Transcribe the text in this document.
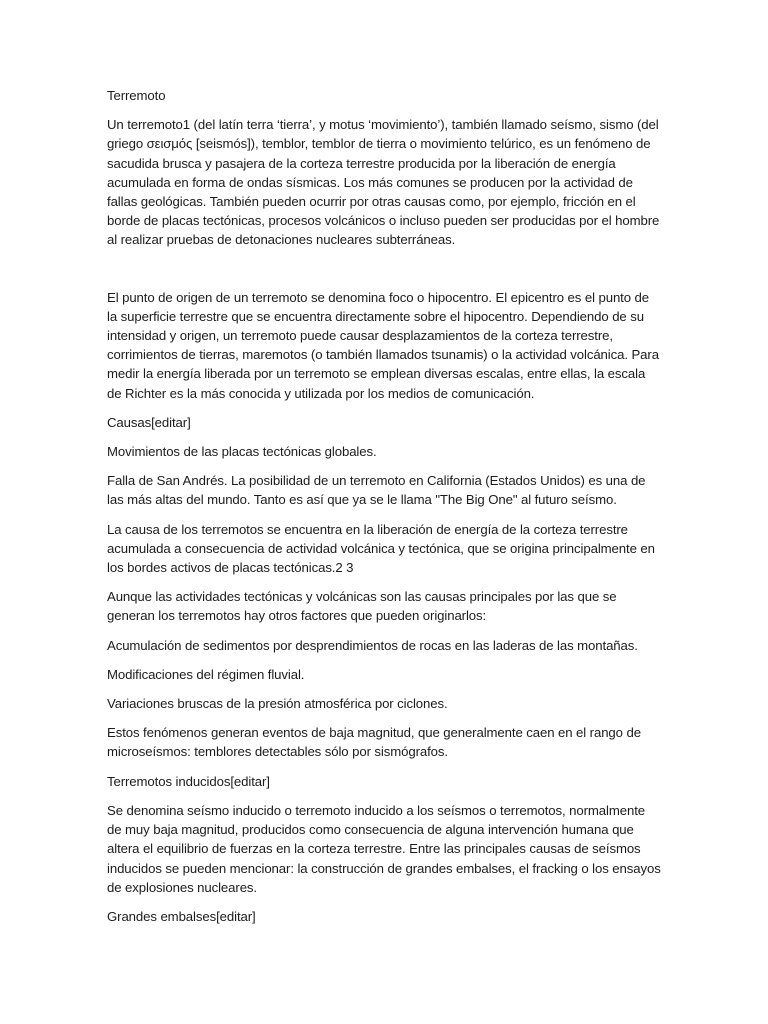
Terremoto

Un terremoto1 (del latín terra ‘tierra’, y motus ‘movimiento’), también llamado seísmo, sismo (del griego σεισμός [seismós]), temblor, temblor de tierra o movimiento telúrico, es un fenómeno de sacudida brusca y pasajera de la corteza terrestre producida por la liberación de energía acumulada en forma de ondas sísmicas. Los más comunes se producen por la actividad de fallas geológicas. También pueden ocurrir por otras causas como, por ejemplo, fricción en el borde de placas tectónicas, procesos volcánicos o incluso pueden ser producidas por el hombre al realizar pruebas de detonaciones nucleares subterráneas.

El punto de origen de un terremoto se denomina foco o hipocentro. El epicentro es el punto de la superficie terrestre que se encuentra directamente sobre el hipocentro. Dependiendo de su intensidad y origen, un terremoto puede causar desplazamientos de la corteza terrestre, corrimientos de tierras, maremotos (o también llamados tsunamis) o la actividad volcánica. Para medir la energía liberada por un terremoto se emplean diversas escalas, entre ellas, la escala de Richter es la más conocida y utilizada por los medios de comunicación.

Causas[editar]

Movimientos de las placas tectónicas globales.

Falla de San Andrés. La posibilidad de un terremoto en California (Estados Unidos) es una de las más altas del mundo. Tanto es así que ya se le llama "The Big One" al futuro seísmo.

La causa de los terremotos se encuentra en la liberación de energía de la corteza terrestre acumulada a consecuencia de actividad volcánica y tectónica, que se origina principalmente en los bordes activos de placas tectónicas.2 3

Aunque las actividades tectónicas y volcánicas son las causas principales por las que se generan los terremotos hay otros factores que pueden originarlos:

Acumulación de sedimentos por desprendimientos de rocas en las laderas de las montañas.

Modificaciones del régimen fluvial.

Variaciones bruscas de la presión atmosférica por ciclones.

Estos fenómenos generan eventos de baja magnitud, que generalmente caen en el rango de microseísmos: temblores detectables sólo por sismógrafos.

Terremotos inducidos[editar]

Se denomina seísmo inducido o terremoto inducido a los seísmos o terremotos, normalmente de muy baja magnitud, producidos como consecuencia de alguna intervención humana que altera el equilibrio de fuerzas en la corteza terrestre. Entre las principales causas de seísmos inducidos se pueden mencionar: la construcción de grandes embalses, el fracking o los ensayos de explosiones nucleares.

Grandes embalses[editar]
